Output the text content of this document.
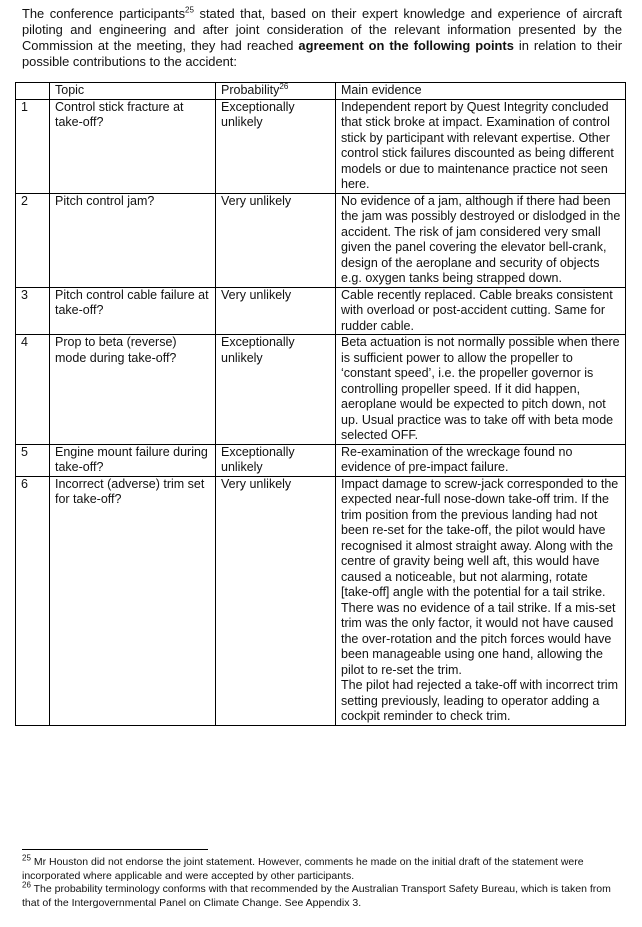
The conference participants$^{25}$ stated that, based on their expert knowledge and experience of aircraft piloting and engineering and after joint consideration of the relevant information presented by the Commission at the meeting, they had reached agreement on the following points in relation to their possible contributions to the accident:
	Topic	Probability$^{26}$	Main evidence
1	Control stick fracture at take-off?	Exceptionally unlikely	Independent report by Quest Integrity concluded that stick broke at impact. Examination of control stick by participant with relevant expertise. Other control stick failures discounted as being different models or due to maintenance practice not seen here.

2	Pitch control jam?	Very unlikely	No evidence of a jam, although if there had been the jam was possibly destroyed or dislodged in the accident. The risk of jam considered very small given the panel covering the elevator bell-crank, design of the aeroplane and security of objects e.g. oxygen tanks being strapped down.

3	Pitch control cable failure at take-off?	Very unlikely	Cable recently replaced. Cable breaks consistent with overload or post-accident cutting. Same for rudder cable.

4	Prop to beta (reverse) mode during take-off?	Exceptionally unlikely	Beta actuation is not normally possible when there is sufficient power to allow the propeller to ‘constant speed’, i.e. the propeller governor is controlling propeller speed. If it did happen, aeroplane would be expected to pitch down, not up. Usual practice was to take off with beta mode selected OFF.

5	Engine mount failure during take-off?	Exceptionally unlikely	Re-examination of the wreckage found no evidence of pre-impact failure.

6	Incorrect (adverse) trim set for take-off?	Very unlikely	Impact damage to screw-jack corresponded to the expected near-full nose-down take-off trim. If the trim position from the previous landing had not been re-set for the take-off, the pilot would have recognised it almost straight away. Along with the centre of gravity being well aft, this would have caused a noticeable, but not alarming, rotate [take-off] angle with the potential for a tail strike. There was no evidence of a tail strike. If a mis-set trim was the only factor, it would not have caused the over-rotation and the pitch forces would have been manageable using one hand, allowing the pilot to re-set the trim.
The pilot had rejected a take-off with incorrect trim setting previously, leading to operator adding a cockpit reminder to check trim.
$^{25}$ Mr Houston did not endorse the joint statement. However, comments he made on the initial draft of the statement were incorporated where applicable and were accepted by other participants.
$^{26}$ The probability terminology conforms with that recommended by the Australian Transport Safety Bureau, which is taken from that of the Intergovernmental Panel on Climate Change. See Appendix 3.
